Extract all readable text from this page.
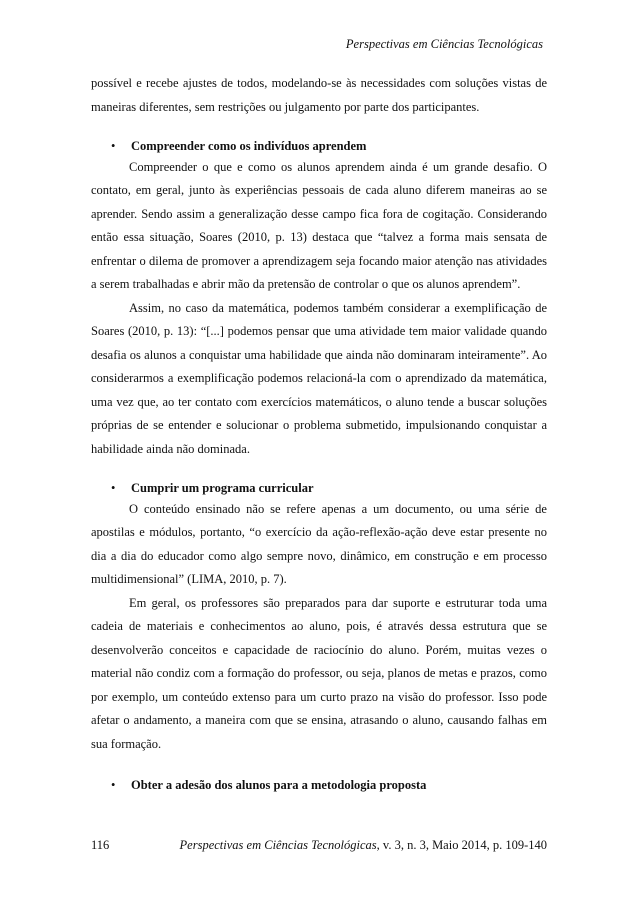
Perspectivas em Ciências Tecnológicas

possível e recebe ajustes de todos, modelando-se às necessidades com soluções vistas de maneiras diferentes, sem restrições ou julgamento por parte dos participantes.

• Compreender como os indivíduos aprendem

Compreender o que e como os alunos aprendem ainda é um grande desafio. O contato, em geral, junto às experiências pessoais de cada aluno diferem maneiras ao se aprender. Sendo assim a generalização desse campo fica fora de cogitação. Considerando então essa situação, Soares (2010, p. 13) destaca que “talvez a forma mais sensata de enfrentar o dilema de promover a aprendizagem seja focando maior atenção nas atividades a serem trabalhadas e abrir mão da pretensão de controlar o que os alunos aprendem”.

Assim, no caso da matemática, podemos também considerar a exemplificação de Soares (2010, p. 13): “[...] podemos pensar que uma atividade tem maior validade quando desafia os alunos a conquistar uma habilidade que ainda não dominaram inteiramente”. Ao considerarmos a exemplificação podemos relacioná-la com o aprendizado da matemática, uma vez que, ao ter contato com exercícios matemáticos, o aluno tende a buscar soluções próprias de se entender e solucionar o problema submetido, impulsionando conquistar a habilidade ainda não dominada.

• Cumprir um programa curricular

O conteúdo ensinado não se refere apenas a um documento, ou uma série de apostilas e módulos, portanto, “o exercício da ação-reflexão-ação deve estar presente no dia a dia do educador como algo sempre novo, dinâmico, em construção e em processo multidimensional” (LIMA, 2010, p. 7).

Em geral, os professores são preparados para dar suporte e estruturar toda uma cadeia de materiais e conhecimentos ao aluno, pois, é através dessa estrutura que se desenvolverão conceitos e capacidade de raciocínio do aluno. Porém, muitas vezes o material não condiz com a formação do professor, ou seja, planos de metas e prazos, como por exemplo, um conteúdo extenso para um curto prazo na visão do professor. Isso pode afetar o andamento, a maneira com que se ensina, atrasando o aluno, causando falhas em sua formação.

• Obter a adesão dos alunos para a metodologia proposta
116	Perspectivas em Ciências Tecnológicas, v. 3, n. 3, Maio 2014, p. 109-140
